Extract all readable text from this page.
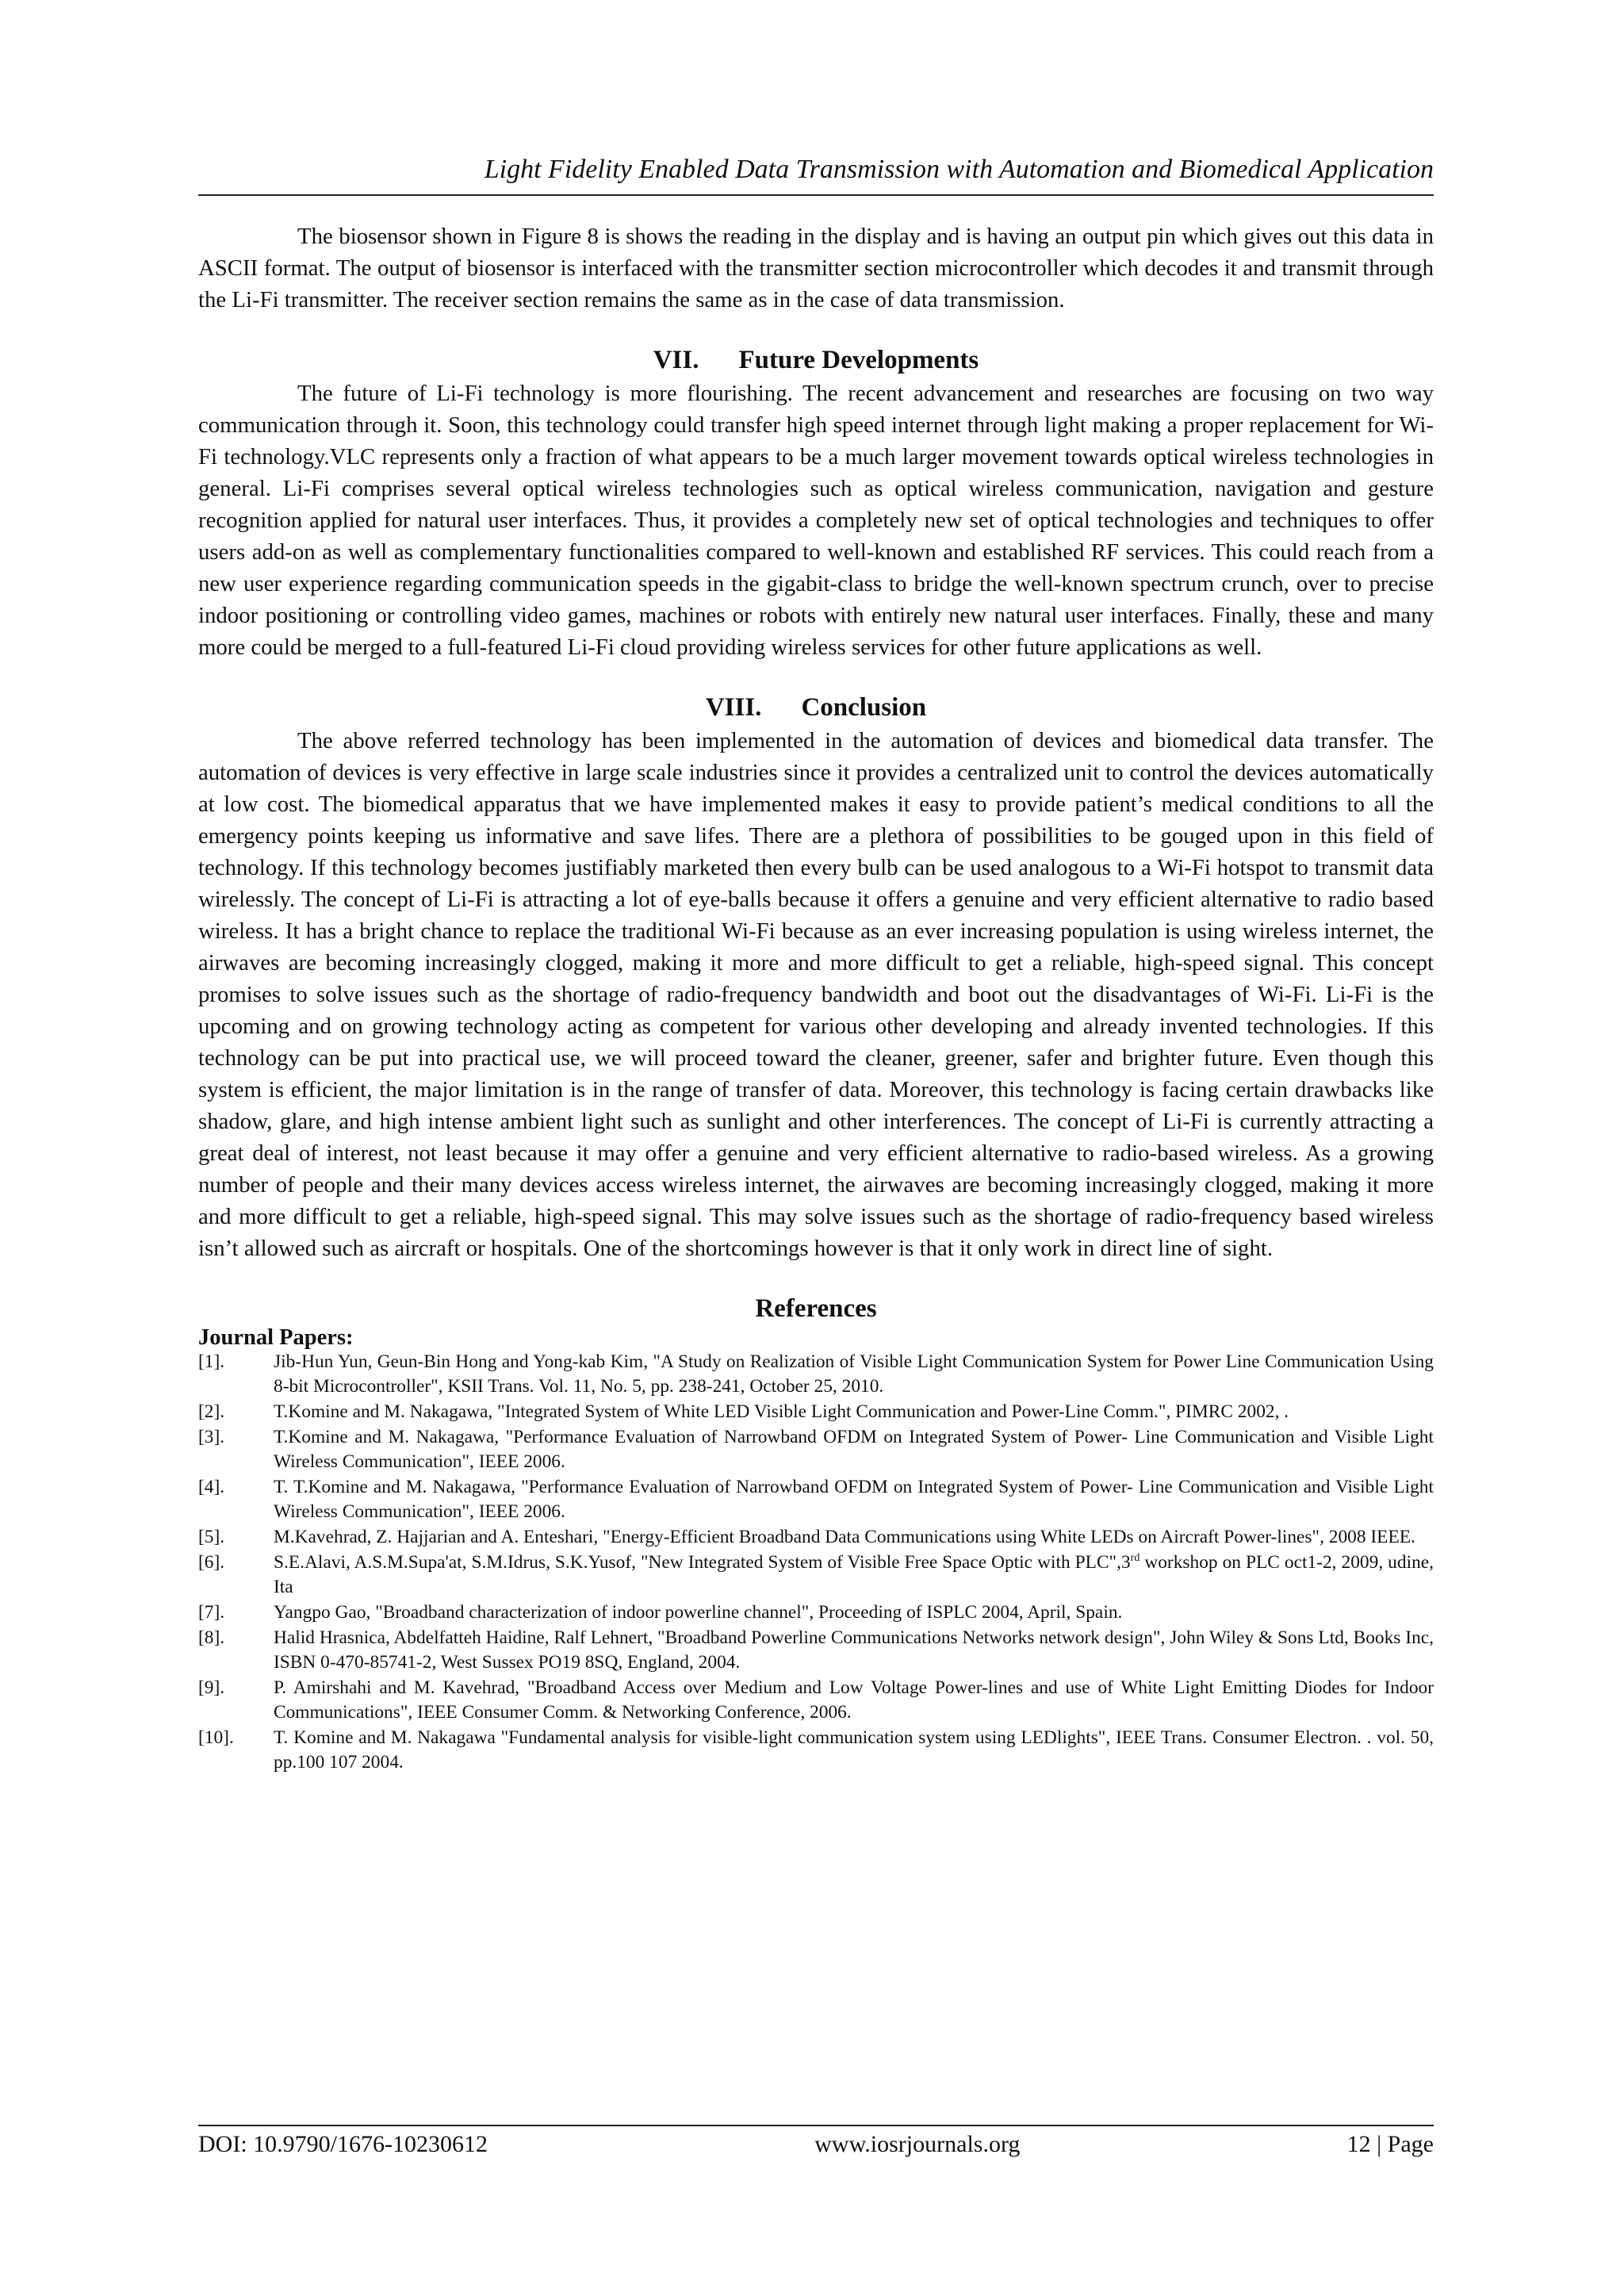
Light Fidelity Enabled Data Transmission with Automation and Biomedical Application

The biosensor shown in Figure 8 is shows the reading in the display and is having an output pin which gives out this data in ASCII format. The output of biosensor is interfaced with the transmitter section microcontroller which decodes it and transmit through the Li-Fi transmitter. The receiver section remains the same as in the case of data transmission.

VII. Future Developments

The future of Li-Fi technology is more flourishing. The recent advancement and researches are focusing on two way communication through it. Soon, this technology could transfer high speed internet through light making a proper replacement for Wi-Fi technology.VLC represents only a fraction of what appears to be a much larger movement towards optical wireless technologies in general. Li-Fi comprises several optical wireless technologies such as optical wireless communication, navigation and gesture recognition applied for natural user interfaces. Thus, it provides a completely new set of optical technologies and techniques to offer users add-on as well as complementary functionalities compared to well-known and established RF services. This could reach from a new user experience regarding communication speeds in the gigabit-class to bridge the well-known spectrum crunch, over to precise indoor positioning or controlling video games, machines or robots with entirely new natural user interfaces. Finally, these and many more could be merged to a full-featured Li-Fi cloud providing wireless services for other future applications as well.

VIII. Conclusion

The above referred technology has been implemented in the automation of devices and biomedical data transfer. The automation of devices is very effective in large scale industries since it provides a centralized unit to control the devices automatically at low cost. The biomedical apparatus that we have implemented makes it easy to provide patient’s medical conditions to all the emergency points keeping us informative and save lifes. There are a plethora of possibilities to be gouged upon in this field of technology. If this technology becomes justifiably marketed then every bulb can be used analogous to a Wi-Fi hotspot to transmit data wirelessly. The concept of Li-Fi is attracting a lot of eye-balls because it offers a genuine and very efficient alternative to radio based wireless. It has a bright chance to replace the traditional Wi-Fi because as an ever increasing population is using wireless internet, the airwaves are becoming increasingly clogged, making it more and more difficult to get a reliable, high-speed signal. This concept promises to solve issues such as the shortage of radio-frequency bandwidth and boot out the disadvantages of Wi-Fi. Li-Fi is the upcoming and on growing technology acting as competent for various other developing and already invented technologies. If this technology can be put into practical use, we will proceed toward the cleaner, greener, safer and brighter future. Even though this system is efficient, the major limitation is in the range of transfer of data. Moreover, this technology is facing certain drawbacks like shadow, glare, and high intense ambient light such as sunlight and other interferences. The concept of Li-Fi is currently attracting a great deal of interest, not least because it may offer a genuine and very efficient alternative to radio-based wireless. As a growing number of people and their many devices access wireless internet, the airwaves are becoming increasingly clogged, making it more and more difficult to get a reliable, high-speed signal. This may solve issues such as the shortage of radio-frequency based wireless isn’t allowed such as aircraft or hospitals. One of the shortcomings however is that it only work in direct line of sight.

References
Journal Papers:
[1].	Jib-Hun Yun, Geun-Bin Hong and Yong-kab Kim, "A Study on Realization of Visible Light Communication System for Power Line Communication Using 8-bit Microcontroller", KSII Trans. Vol. 11, No. 5, pp. 238-241, October 25, 2010.
[2].	T.Komine and M. Nakagawa, "Integrated System of White LED Visible Light Communication and Power-Line Comm.", PIMRC 2002, .
[3].	T.Komine and M. Nakagawa, "Performance Evaluation of Narrowband OFDM on Integrated System of Power- Line Communication and Visible Light Wireless Communication", IEEE 2006.
[4].	T. T.Komine and M. Nakagawa, "Performance Evaluation of Narrowband OFDM on Integrated System of Power- Line Communication and Visible Light Wireless Communication", IEEE 2006.
[5].	M.Kavehrad, Z. Hajjarian and A. Enteshari, "Energy-Efficient Broadband Data Communications using White LEDs on Aircraft Power-lines", 2008 IEEE.
[6].	S.E.Alavi, A.S.M.Supa'at, S.M.Idrus, S.K.Yusof, "New Integrated System of Visible Free Space Optic with PLC",3rd workshop on PLC oct1-2, 2009, udine, Ita
[7].	Yangpo Gao, "Broadband characterization of indoor powerline channel", Proceeding of ISPLC 2004, April, Spain.
[8].	Halid Hrasnica, Abdelfatteh Haidine, Ralf Lehnert, "Broadband Powerline Communications Networks network design", John Wiley & Sons Ltd, Books Inc, ISBN 0-470-85741-2, West Sussex PO19 8SQ, England, 2004.
[9].	P. Amirshahi and M. Kavehrad, "Broadband Access over Medium and Low Voltage Power-lines and use of White Light Emitting Diodes for Indoor Communications", IEEE Consumer Comm. & Networking Conference, 2006.
[10].	T. Komine and M. Nakagawa "Fundamental analysis for visible-light communication system using LEDlights", IEEE Trans. Consumer Electron. . vol. 50, pp.100 107 2004.
DOI: 10.9790/1676-10230612	www.iosrjournals.org	12 | Page
